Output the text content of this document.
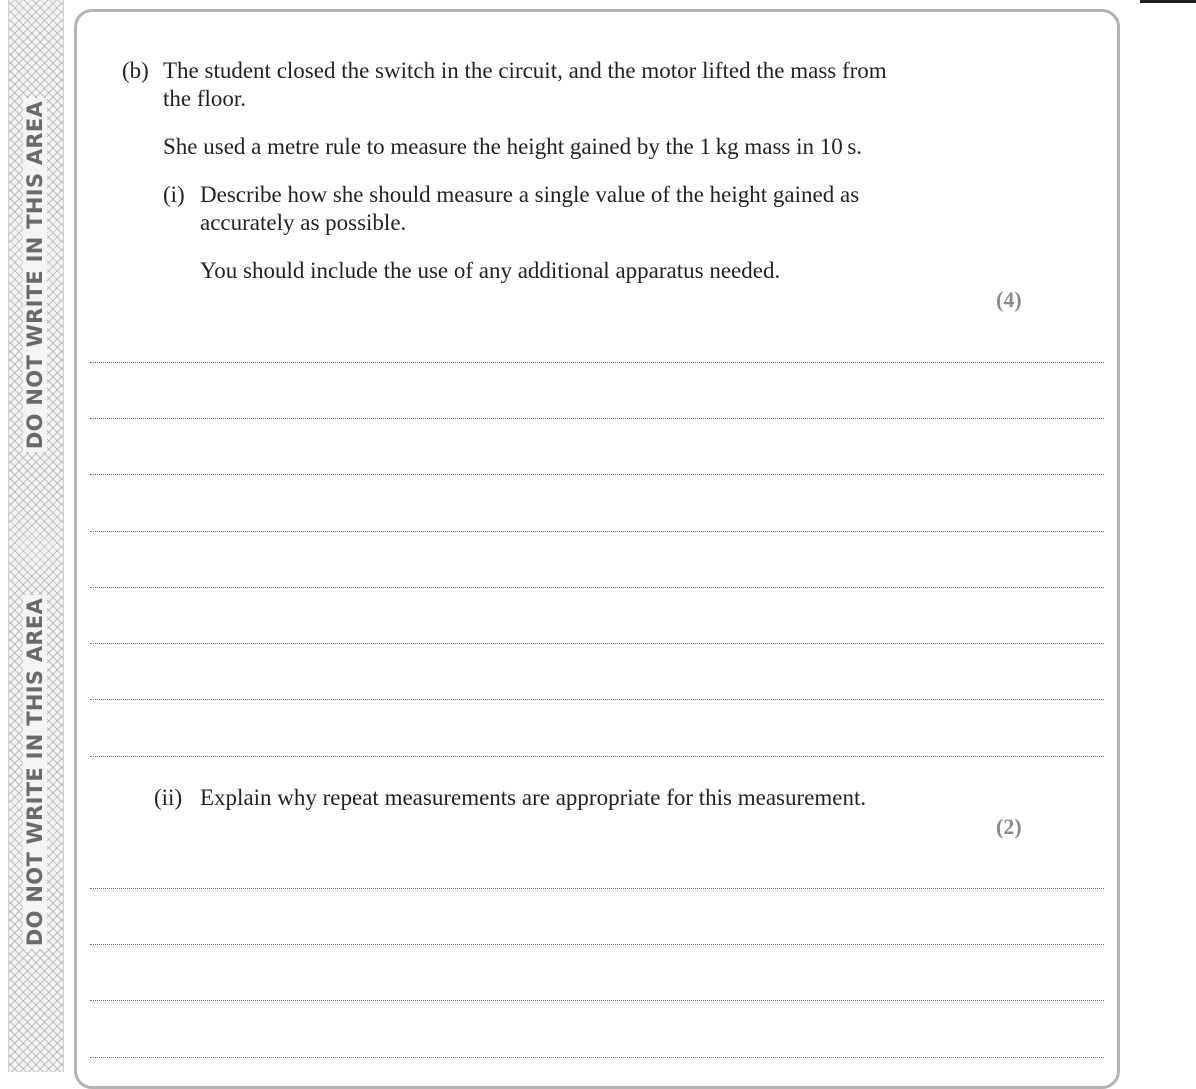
DO NOT WRITE IN THIS AREA
DO NOT WRITE IN THIS AREA
(b) The student closed the switch in the circuit, and the motor lifted the mass from
the floor.
She used a metre rule to measure the height gained by the 1 kg mass in 10 s.
(i) Describe how she should measure a single value of the height gained as
accurately as possible.
You should include the use of any additional apparatus needed.
(4)
(ii) Explain why repeat measurements are appropriate for this measurement.
(2)
